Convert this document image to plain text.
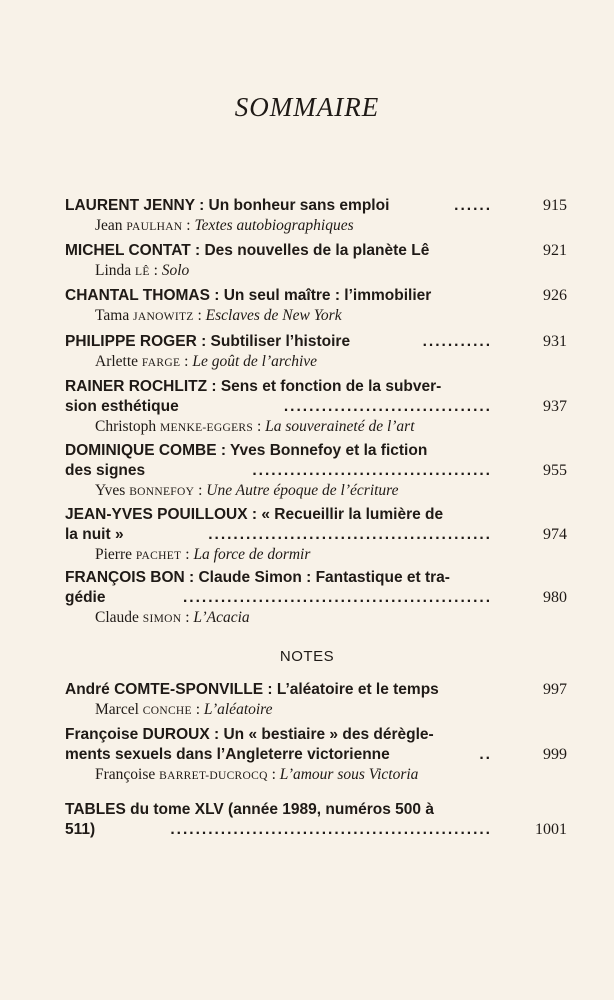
SOMMAIRE
LAURENT JENNY : Un bonheur sans emploi	......	915
Jean PAULHAN : Textes autobiographiques
MICHEL CONTAT : Des nouvelles de la planète Lê	921
Linda LÊ : Solo
CHANTAL THOMAS : Un seul maître : l’immobilier	926
Tama JANOWITZ : Esclaves de New York
PHILIPPE ROGER : Subtiliser l’histoire	...........	931
Arlette FARGE : Le goût de l’archive
RAINER ROCHLITZ : Sens et fonction de la subver-
sion esthétique	.................................	937
Christoph MENKE-EGGERS : La souveraineté de l’art
DOMINIQUE COMBE : Yves Bonnefoy et la fiction
des signes	......................................	955
Yves BONNEFOY : Une Autre époque de l’écriture
JEAN-YVES POUILLOUX : « Recueillir la lumière de
la nuit »	.............................................	974
Pierre PACHET : La force de dormir
FRANÇOIS BON : Claude Simon : Fantastique et tra-
gédie	.................................................	980
Claude SIMON : L’Acacia
NOTES
André COMTE-SPONVILLE : L’aléatoire et le temps	997
Marcel CONCHE : L’aléatoire
Françoise DUROUX : Un « bestiaire » des dérègle-
ments sexuels dans l’Angleterre victorienne	..	999
Françoise BARRET-DUCROCQ : L’amour sous Victoria
TABLES du tome XLV (année 1989, numéros 500 à
511)	...................................................	1001
